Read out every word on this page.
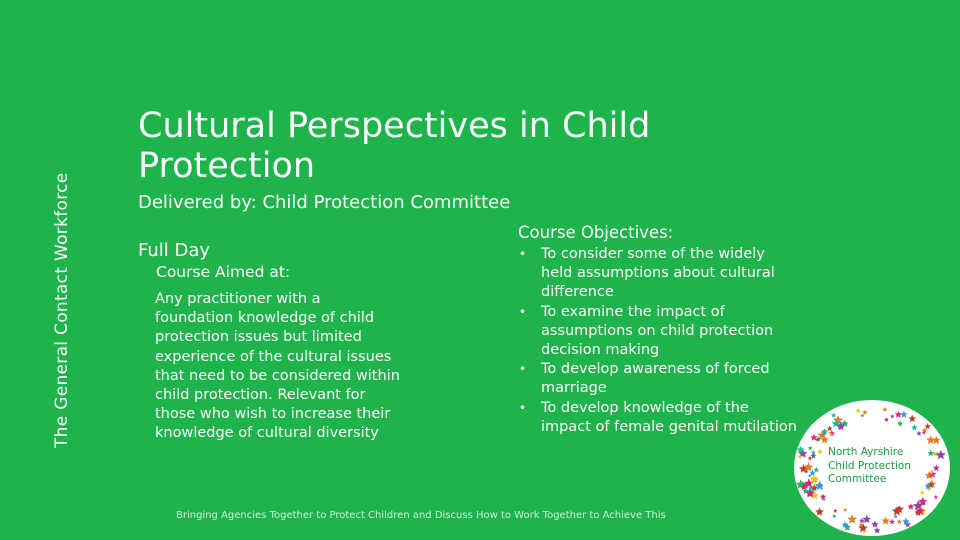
The General Contact Workforce
Cultural Perspectives in Child Protection
Delivered by: Child Protection Committee
Full Day
Course Aimed at:
Any practitioner with a foundation knowledge of child protection issues but limited experience of the cultural issues that need to be considered within child protection. Relevant for those who wish to increase their knowledge of cultural diversity
Course Objectives:
• To consider some of the widely held assumptions about cultural difference
• To examine the impact of assumptions on child protection decision making
• To develop awareness of forced marriage
• To develop knowledge of the impact of female genital mutilation
Bringing Agencies Together to Protect Children and Discuss How to Work Together to Achieve This
North Ayrshire
Child Protection
Committee
